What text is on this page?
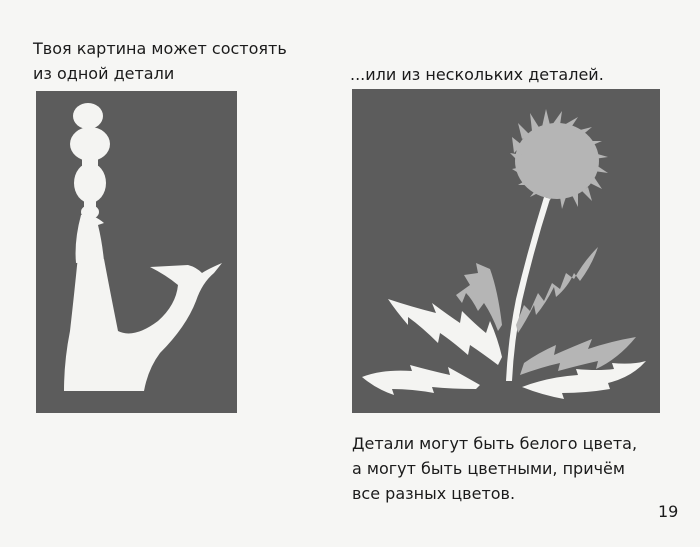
Твоя картина может состоять
из одной детали	...или из нескольких деталей.
Детали могут быть белого цвета,
а могут быть цветными, причём
все разных цветов.
19
